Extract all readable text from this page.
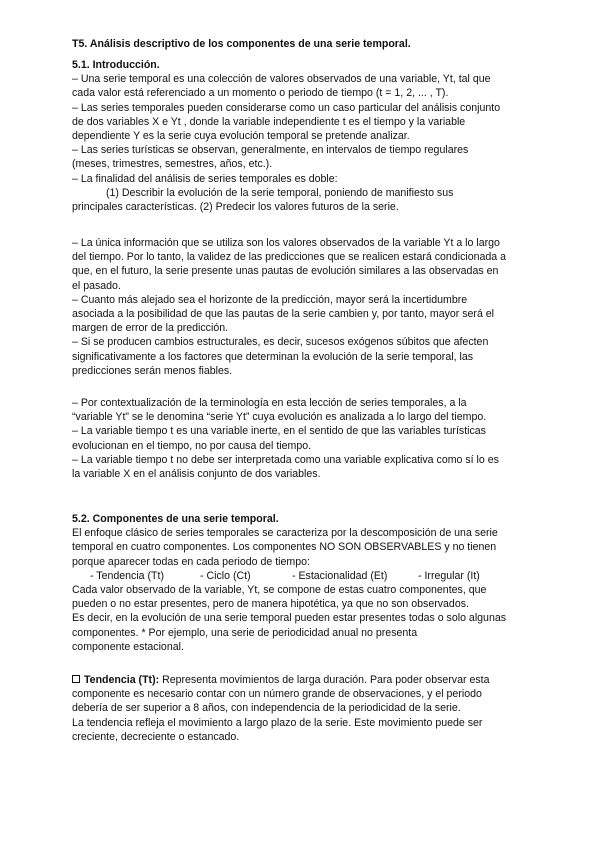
T5. Análisis descriptivo de los componentes de una serie temporal.
5.1. Introducción.
– Una serie temporal es una colección de valores observados de una variable, Yt, tal que
cada valor está referenciado a un momento o periodo de tiempo (t = 1, 2, ... , T).
– Las series temporales pueden considerarse como un caso particular del análisis conjunto
de dos variables X e Yt , donde la variable independiente t es el tiempo y la variable
dependiente Y es la serie cuya evolución temporal se pretende analizar.
– Las series turísticas se observan, generalmente, en intervalos de tiempo regulares
(meses, trimestres, semestres, años, etc.).
– La finalidad del análisis de series temporales es doble:
(1) Describir la evolución de la serie temporal, poniendo de manifiesto sus
principales características. (2) Predecir los valores futuros de la serie.
– La única información que se utiliza son los valores observados de la variable Yt a lo largo
del tiempo. Por lo tanto, la validez de las predicciones que se realicen estará condicionada a
que, en el futuro, la serie presente unas pautas de evolución similares a las observadas en
el pasado.
– Cuanto más alejado sea el horizonte de la predicción, mayor será la incertidumbre
asociada a la posibilidad de que las pautas de la serie cambien y, por tanto, mayor será el
margen de error de la predicción.
– Si se producen cambios estructurales, es decir, sucesos exógenos súbitos que afecten
significativamente a los factores que determinan la evolución de la serie temporal, las
predicciones serán menos fiables.
– Por contextualización de la terminología en esta lección de series temporales, a la
“variable Yt” se le denomina “serie Yt” cuya evolución es analizada a lo largo del tiempo.
– La variable tiempo t es una variable inerte, en el sentido de que las variables turísticas
evolucionan en el tiempo, no por causa del tiempo.
– La variable tiempo t no debe ser interpretada como una variable explicativa como sí lo es
la variable X en el análisis conjunto de dos variables.
5.2. Componentes de una serie temporal.
El enfoque clásico de series temporales se caracteriza por la descomposición de una serie
temporal en cuatro componentes. Los componentes NO SON OBSERVABLES y no tienen
porque aparecer todas en cada periodo de tiempo:
- Tendencia (Tt)	- Ciclo (Ct)	- Estacionalidad (Et)	- Irregular (It)
Cada valor observado de la variable, Yt, se compone de estas cuatro componentes, que
pueden o no estar presentes, pero de manera hipotética, ya que no son observados.
Es decir, en la evolución de una serie temporal pueden estar presentes todas o solo algunas
componentes. * Por ejemplo, una serie de periodicidad anual no presenta
componente estacional.
Tendencia (Tt): Representa movimientos de larga duración. Para poder observar esta
componente es necesario contar con un número grande de observaciones, y el periodo
debería de ser superior a 8 años, con independencia de la periodicidad de la serie.
La tendencia refleja el movimiento a largo plazo de la serie. Este movimiento puede ser
creciente, decreciente o estancado.
